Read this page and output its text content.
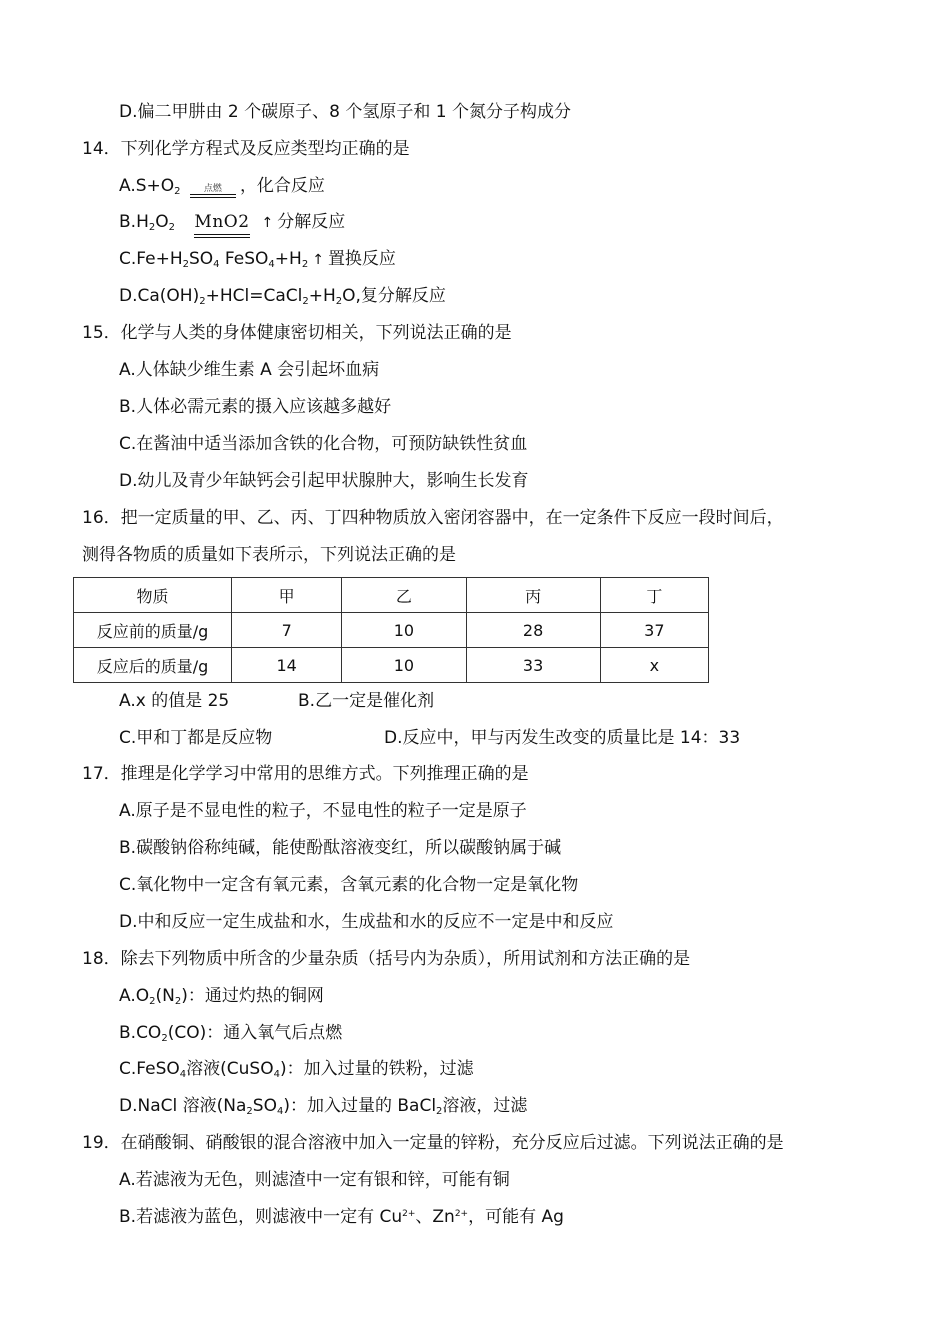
D.偏二甲肼由 2 个碳原子、8 个氢原子和 1 个氮分子构成分
14．下列化学方程式及反应类型均正确的是
$A.S+O_2$	点燃	，化合反应
$B.H_2O_2$ MnO2 ↑ 分解反应
$C.Fe+H_2SO_4$ $FeSO_4+H_2$ ↑ 置换反应
$D.Ca(OH)_2+HCl=CaCl_2+H_2O$,复分解反应
15．化学与人类的身体健康密切相关，下列说法正确的是
A.人体缺少维生素 A 会引起坏血病
B.人体必需元素的摄入应该越多越好
C.在酱油中适当添加含铁的化合物，可预防缺铁性贫血
D.幼儿及青少年缺钙会引起甲状腺肿大，影响生长发育
16．把一定质量的甲、乙、丙、丁四种物质放入密闭容器中，在一定条件下反应一段时间后，
测得各物质的质量如下表所示，下列说法正确的是
物质	甲	乙	丙	丁
反应前的质量/g	7	10	28	37
反应后的质量/g	14	10	33	x
A.x 的值是 25	B.乙一定是催化剂
C.甲和丁都是反应物	D.反应中，甲与丙发生改变的质量比是 14：33
17．推理是化学学习中常用的思维方式。下列推理正确的是
A.原子是不显电性的粒子，不显电性的粒子一定是原子
B.碳酸钠俗称纯碱，能使酚酞溶液变红，所以碳酸钠属于碱
C.氧化物中一定含有氧元素，含氧元素的化合物一定是氧化物
D.中和反应一定生成盐和水，生成盐和水的反应不一定是中和反应
18．除去下列物质中所含的少量杂质（括号内为杂质），所用试剂和方法正确的是
$A.O_2(N_2)$：通过灼热的铜网
$B.CO_2(CO)$：通入氧气后点燃
C.FeSO$_4$溶液(CuSO$_4$)：加入过量的铁粉，过滤
D.NaCl 溶液$(Na_2SO_4)$：加入过量的 BaCl$_2$溶液，过滤
19．在硝酸铜、硝酸银的混合溶液中加入一定量的锌粉，充分反应后过滤。下列说法正确的是
A.若滤液为无色，则滤渣中一定有银和锌，可能有铜
B.若滤液为蓝色，则滤液中一定有 $Cu^{2+}$、$Zn^{2+}$，可能有 Ag
